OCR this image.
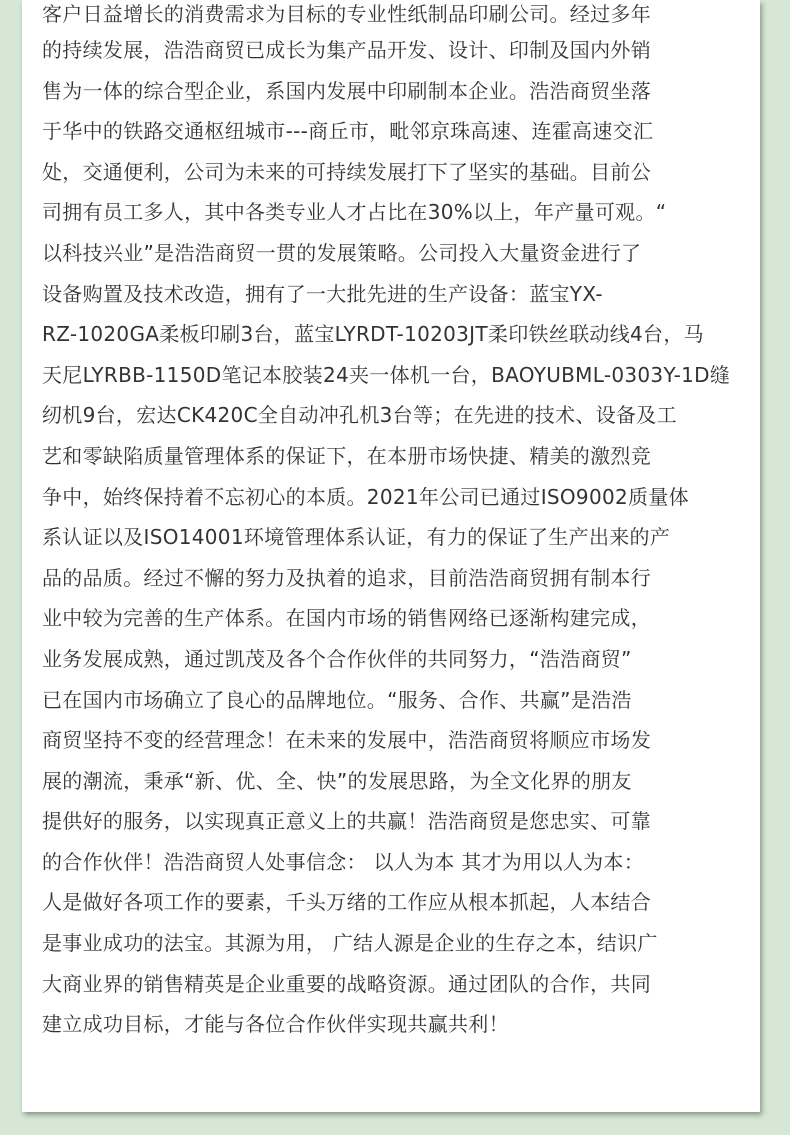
客户日益增长的消费需求为目标的专业性纸制品印刷公司。经过多年
的持续发展，浩浩商贸已成长为集产品开发、设计、印制及国内外销
售为一体的综合型企业，系国内发展中印刷制本企业。浩浩商贸坐落
于华中的铁路交通枢纽城市---商丘市，毗邻京珠高速、连霍高速交汇
处，交通便利，公司为未来的可持续发展打下了坚实的基础。目前公
司拥有员工多人，其中各类专业人才占比在30%以上，年产量可观。“
以科技兴业”是浩浩商贸一贯的发展策略。公司投入大量资金进行了
设备购置及技术改造，拥有了一大批先进的生产设备：蓝宝YX-
RZ-1020GA柔板印刷3台，蓝宝LYRDT-10203JT柔印铁丝联动线4台，马
天尼LYRBB-1150D笔记本胶装24夹一体机一台，BAOYUBML-0303Y-1D缝
纫机9台，宏达CK420C全自动冲孔机3台等；在先进的技术、设备及工
艺和零缺陷质量管理体系的保证下，在本册市场快捷、精美的激烈竞
争中，始终保持着不忘初心的本质。2021年公司已通过ISO9002质量体
系认证以及ISO14001环境管理体系认证，有力的保证了生产出来的产
品的品质。经过不懈的努力及执着的追求，目前浩浩商贸拥有制本行
业中较为完善的生产体系。在国内市场的销售网络已逐渐构建完成，
业务发展成熟，通过凯茂及各个合作伙伴的共同努力，“浩浩商贸”
已在国内市场确立了良心的品牌地位。“服务、合作、共赢”是浩浩
商贸坚持不变的经营理念！在未来的发展中，浩浩商贸将顺应市场发
展的潮流，秉承“新、优、全、快”的发展思路，为全文化界的朋友
提供好的服务，以实现真正意义上的共赢！浩浩商贸是您忠实、可靠
的合作伙伴！浩浩商贸人处事信念： 以人为本 其才为用以人为本：
人是做好各项工作的要素，千头万绪的工作应从根本抓起，人本结合
是事业成功的法宝。其源为用， 广结人源是企业的生存之本，结识广
大商业界的销售精英是企业重要的战略资源。通过团队的合作，共同
建立成功目标，才能与各位合作伙伴实现共赢共利！
